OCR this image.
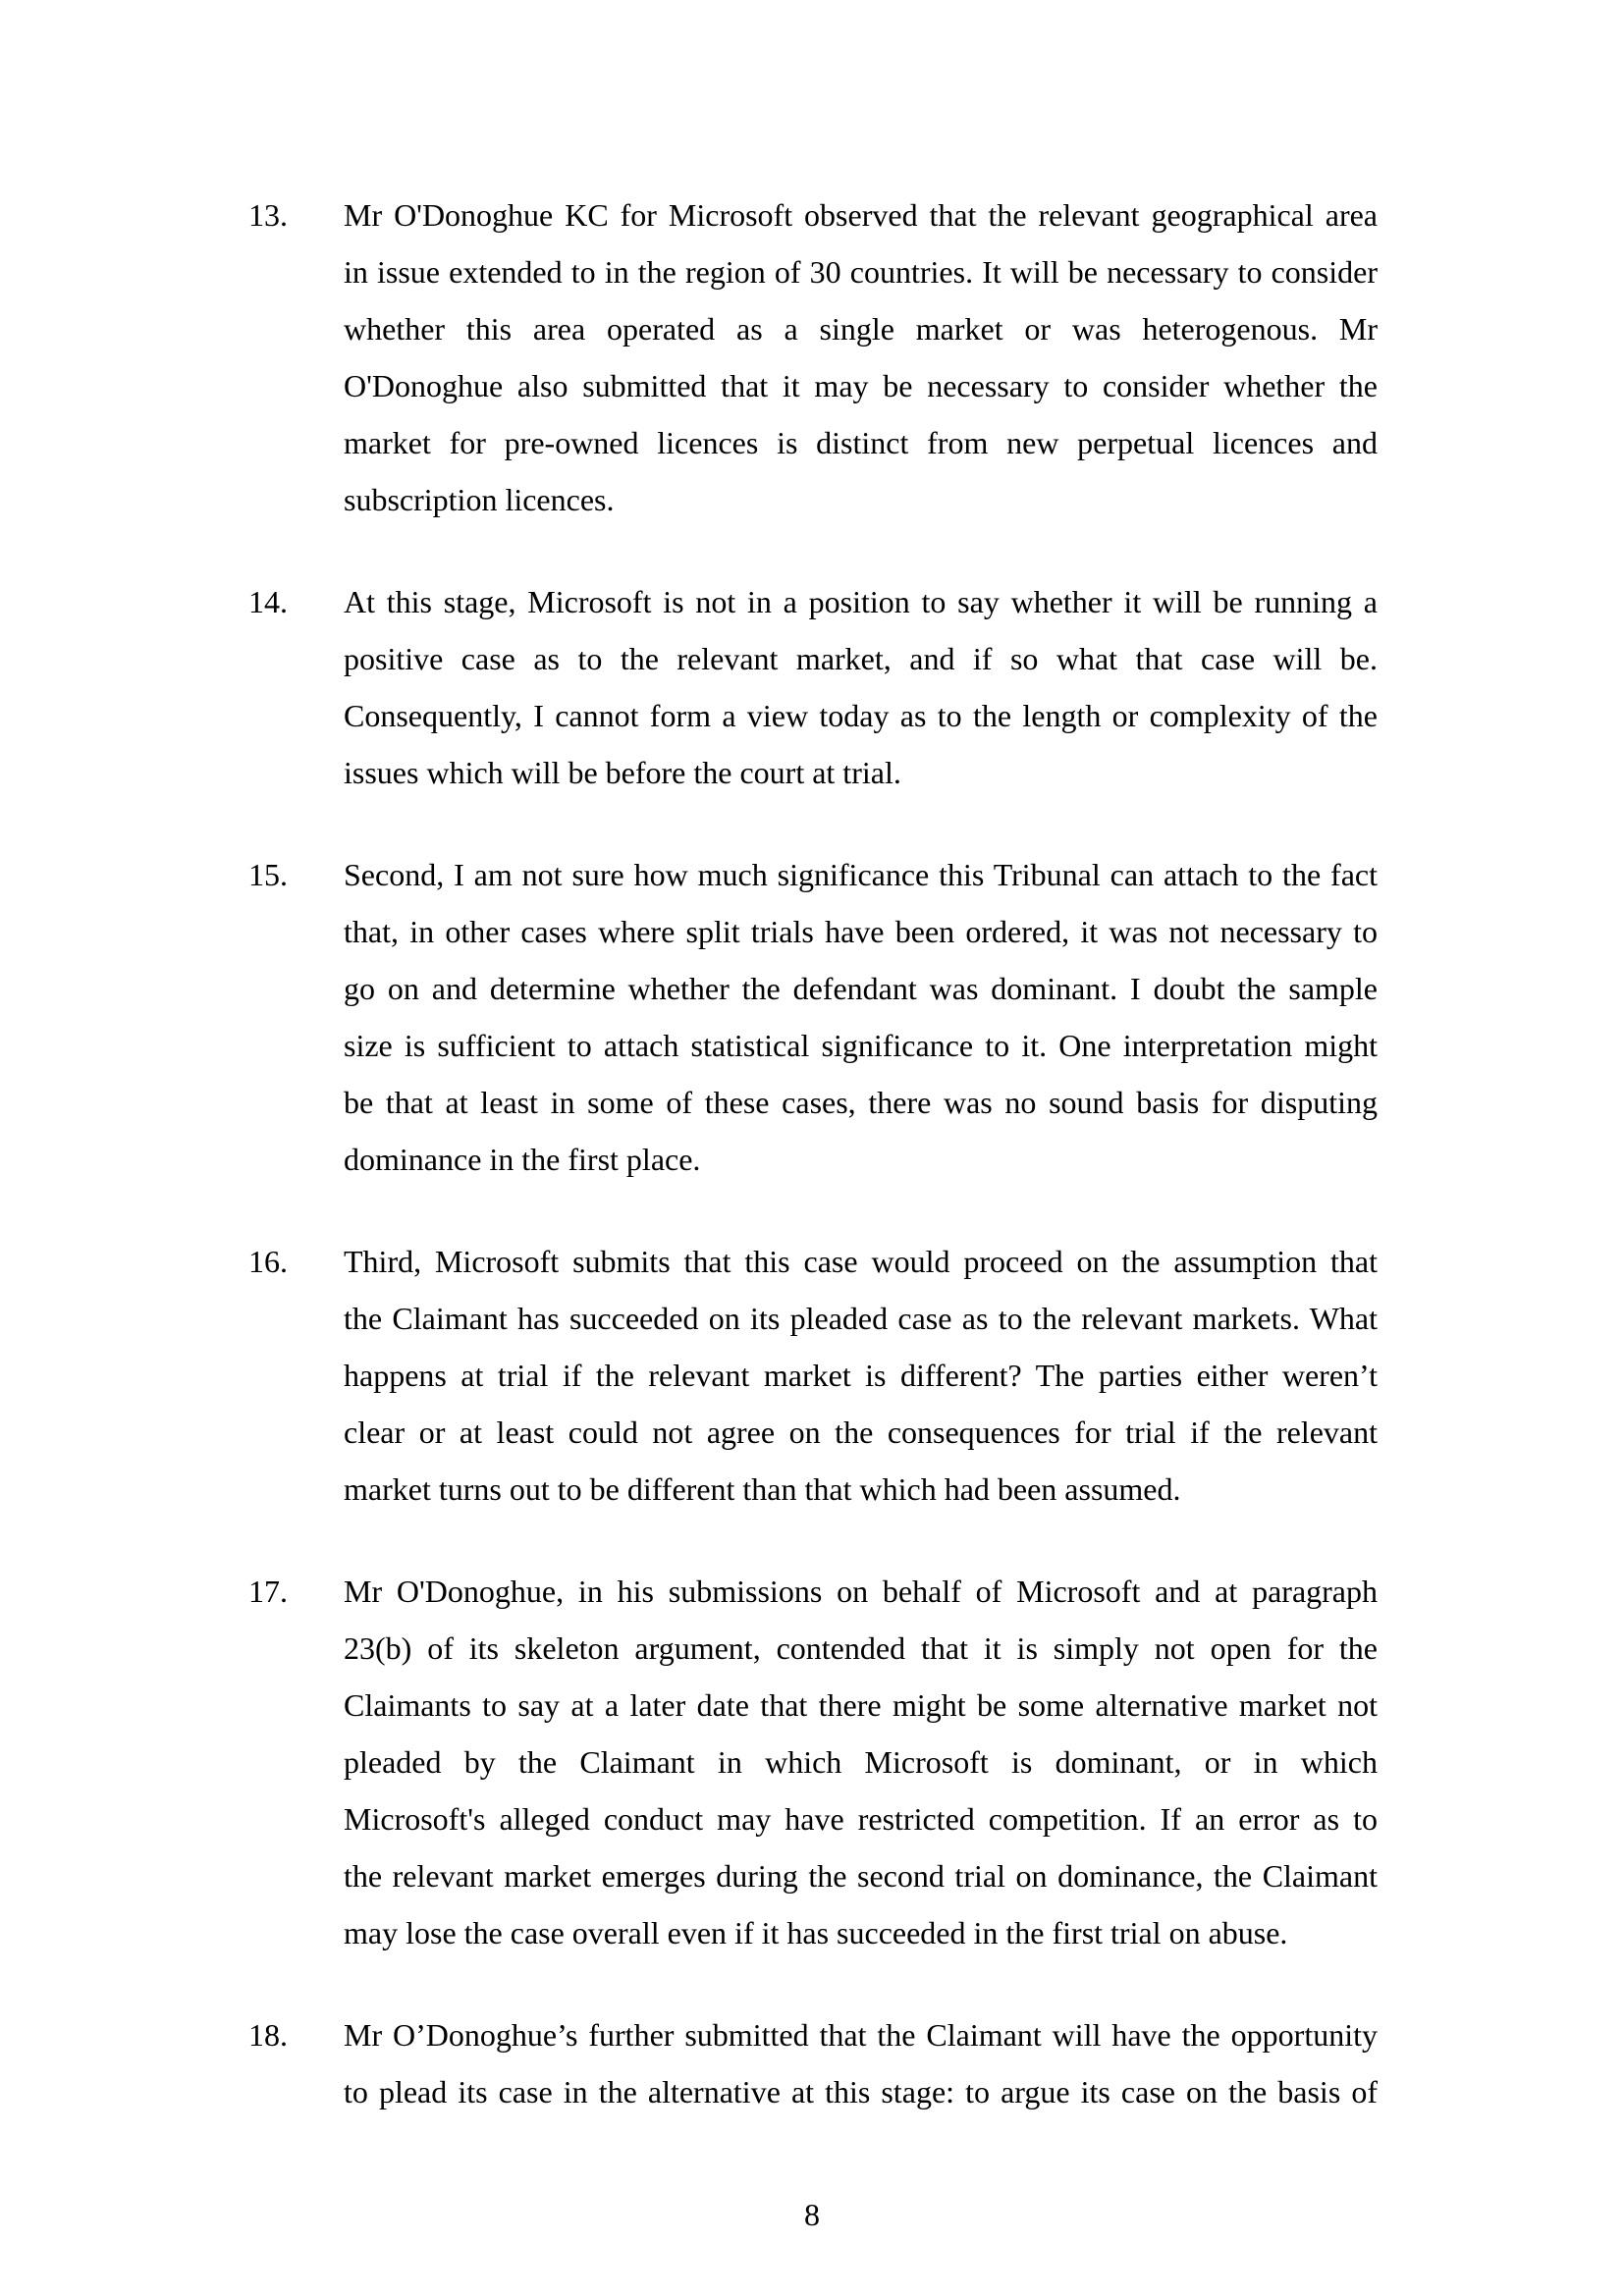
13. Mr O'Donoghue KC for Microsoft observed that the relevant geographical area
in issue extended to in the region of 30 countries. It will be necessary to consider
whether this area operated as a single market or was heterogenous. Mr
O'Donoghue also submitted that it may be necessary to consider whether the
market for pre-owned licences is distinct from new perpetual licences and
subscription licences.
14. At this stage, Microsoft is not in a position to say whether it will be running a
positive case as to the relevant market, and if so what that case will be.
Consequently, I cannot form a view today as to the length or complexity of the
issues which will be before the court at trial.
15. Second, I am not sure how much significance this Tribunal can attach to the fact
that, in other cases where split trials have been ordered, it was not necessary to
go on and determine whether the defendant was dominant. I doubt the sample
size is sufficient to attach statistical significance to it. One interpretation might
be that at least in some of these cases, there was no sound basis for disputing
dominance in the first place.
16. Third, Microsoft submits that this case would proceed on the assumption that
the Claimant has succeeded on its pleaded case as to the relevant markets. What
happens at trial if the relevant market is different? The parties either weren’t
clear or at least could not agree on the consequences for trial if the relevant
market turns out to be different than that which had been assumed.
17. Mr O'Donoghue, in his submissions on behalf of Microsoft and at paragraph
23(b) of its skeleton argument, contended that it is simply not open for the
Claimants to say at a later date that there might be some alternative market not
pleaded by the Claimant in which Microsoft is dominant, or in which
Microsoft's alleged conduct may have restricted competition. If an error as to
the relevant market emerges during the second trial on dominance, the Claimant
may lose the case overall even if it has succeeded in the first trial on abuse.
18. Mr O’Donoghue’s further submitted that the Claimant will have the opportunity
to plead its case in the alternative at this stage: to argue its case on the basis of
8
